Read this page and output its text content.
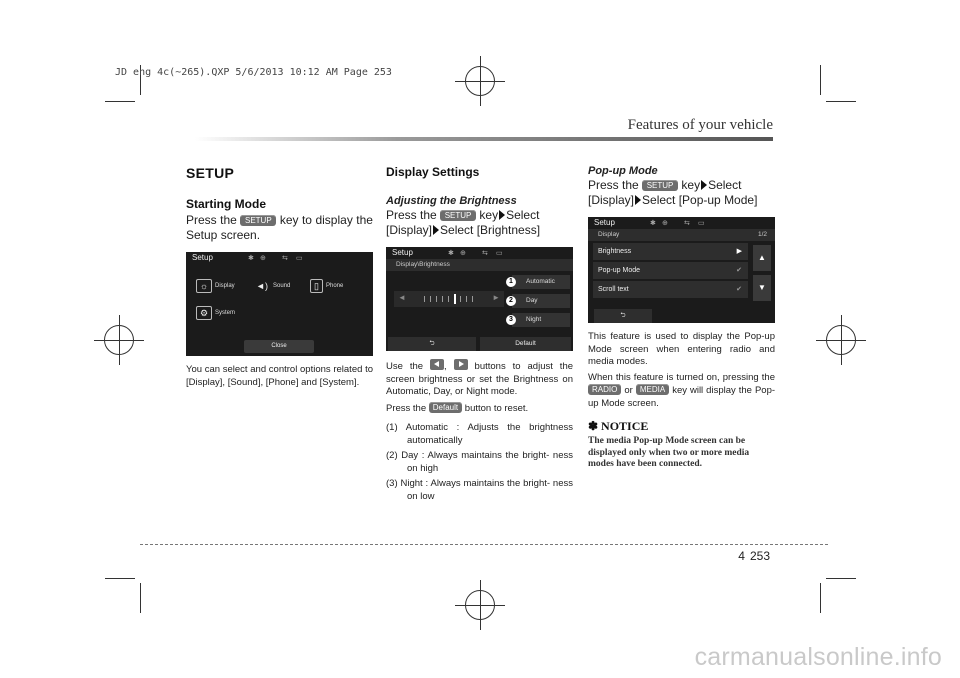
JD eng 4c(~265).QXP 5/6/2013 10:12 AM Page 253
Features of your vehicle
SETUP
Starting Mode

Press the SETUP key to display the Setup screen.

Setup	✱ ⊕ ⇆ ▭
☼	Display ◄) Sound	▯	Phone
⚙	System
Close

You can select and control options related to [Display], [Sound], [Phone] and [System].

Display Settings
Adjusting the Brightness

Press the SETUP key Select
[Display] Select [Brightness]

Setup	✱ ⊕ ⇆ ▭
Display\Brightness
◄	►
1	Automatic
2	Day
3	Night
⮌	Default

Use the ,	buttons to adjust the screen brightness or set the Brightness on Automatic, Day, or Night mode.

Press the Default button to reset.

(1) Automatic : Adjusts the brightness automatically
(2) Day : Always maintains the bright- ness on high
(3) Night : Always maintains the bright- ness on low
Pop-up Mode

Press the SETUP key Select
[Display] Select [Pop-up Mode]

Setup	✱ ⊕ ⇆ ▭
Display	1/2
Brightness	▶
Pop-up Mode	✔
Scroll text	✔
▲
▼
⮌

This feature is used to display the Pop-up Mode screen when entering radio and media modes.

When this feature is turned on, pressing the RADIO or MEDIA key will display the Pop-up Mode screen.

✽ NOTICE
The media Pop-up Mode screen can be displayed only when two or more media modes have been connected.
4 253
carmanualsonline.info
